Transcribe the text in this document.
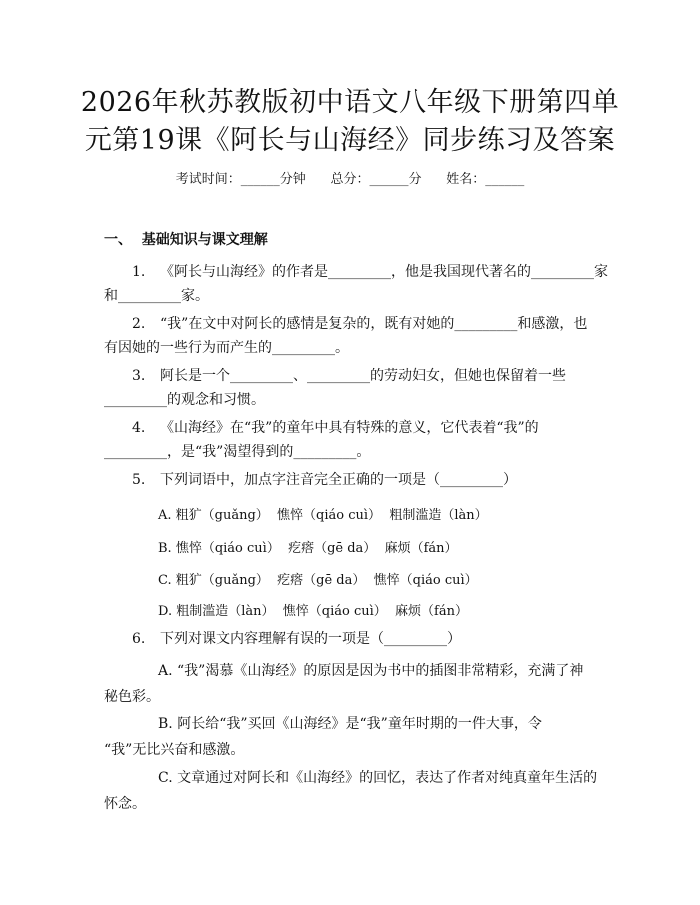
2026年秋苏教版初中语文八年级下册第四单
元第19课《阿长与山海经》同步练习及答案
考试时间：______分钟      总分：______分      姓名：______
一、  基础知识与课文理解
1. 《阿长与山海经》的作者是_________，他是我国现代著名的_________家
和_________家。
2. “我”在文中对阿长的感情是复杂的，既有对她的_________和感激，也
有因她的一些行为而产生的_________。
3. 阿长是一个_________、_________的劳动妇女，但她也保留着一些
_________的观念和习惯。
4. 《山海经》在“我”的童年中具有特殊的意义，它代表着“我”的
_________，是“我”渴望得到的_________。
5. 下列词语中，加点字注音完全正确的一项是（_________）
A. 粗犷（guǎng）  憔悴（qiáo cuì）  粗制滥造（làn）
B. 憔悴（qiáo cuì）  疙瘩（gē da）  麻烦（fán）
C. 粗犷（guǎng）  疙瘩（gē da）  憔悴（qiáo cuì）
D. 粗制滥造（làn）  憔悴（qiáo cuì）  麻烦（fán）
6. 下列对课文内容理解有误的一项是（_________）
A. “我”渴慕《山海经》的原因是因为书中的插图非常精彩，充满了神
秘色彩。
B. 阿长给“我”买回《山海经》是“我”童年时期的一件大事，令
“我”无比兴奋和感激。
C. 文章通过对阿长和《山海经》的回忆，表达了作者对纯真童年生活的
怀念。
